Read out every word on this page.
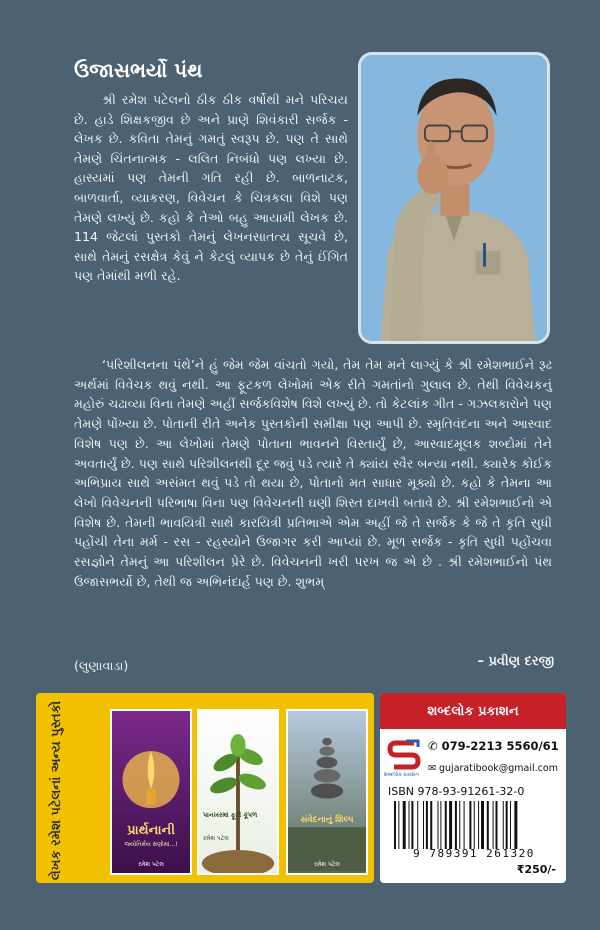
ઉજાસભર્યો પંથ

શ્રી રમેશ પટેલનો ઠીક ઠીક વર્ષોથી મને પરિચય છે. હાડે શિક્ષકજીવ છે અને પ્રાણે શિવંકારી સર્જક - લેખક છે. કવિતા તેમનું ગમતું સ્વરૂપ છે. પણ તે સાથે તેમણે ચિંતનાત્મક - લલિત નિબંધો પણ લખ્યા છે. હાસ્યમાં પણ તેમની ગતિ રહી છે. બાળનાટક, બાળવાર્તા, વ્યાકરણ, વિવેચન કે ચિત્રકલા વિશે પણ તેમણે લખ્યું છે. કહો કે તેઓ બહુ આયામી લેખક છે. 114 જેટલાં પુસ્તકો તેમનું લેખનસાતત્ય સૂચવે છે, સાથે તેમનું રસક્ષેત્ર કેવું ને કેટલું વ્યાપક છે તેનું ઈંગિત પણ તેમાંથી મળી રહે.

‘પરિશીલનના પંથે’ને હું જેમ જેમ વાંચતો ગયો, તેમ તેમ મને લાગ્યું કે શ્રી રમેશભાઈને રૂઢ અર્થમાં વિવેચક થવું નથી. આ ફૂટકળ લેખોમાં એક રીતે ગમતાંનો ગુલાલ છે. તેથી વિવેચકનું મહોરું ચઢાવ્યા વિના તેમણે અહીં સર્જકવિશેષ વિશે લખ્યું છે. તો કેટલાંક ગીત - ગઝલકારોને પણ તેમણે પોંખ્યા છે. પોતાની રીતે અનેક પુસ્તકોની સમીક્ષા પણ આપી છે. સ્મૃતિવંદના અને આસ્વાદ વિશેષ પણ છે. આ લેખોમાં તેમણે પોતાના ભાવનને વિસ્તાર્યું છે, આસ્વાદમૂલક શબ્દોમાં તેને અવતાર્યું છે. પણ સાથે પરિશીલનથી દૂર જવું પડે ત્યારે તે ક્યાંય સ્વૈર બન્યા નથી. ક્યારેક કોઈક અભિપ્રાય સાથે અસંમત થવું પડે તો થયા છે, પોતાનો મત સાધાર મૂક્યો છે. કહો કે તેમના આ લેખો વિવેચનની પરિભાષા વિના પણ વિવેચનની ઘણી શિસ્ત દાખવી બતાવે છે. શ્રી રમેશભાઈનો એ વિશેષ છે. તેમની ભાવયિત્રી સાથે કારયિત્રી પ્રતિભાએ એમ અહીં જે તે સર્જક કે જે તે કૃતિ સુધી પહોંચી તેના મર્મ - રસ - રહસ્યોને ઉજાગર કરી આપ્યાં છે. મૂળ સર્જક - કૃતિ સુધી પહોંચવા રસજ્ઞોને તેમનું આ પરિશીલન પ્રેરે છે. વિવેચનની ખરી પરખ જ એ છે . શ્રી રમેશભાઈનો પંથ ઉજાસભર્યો છે, તેથી જ અભિનંદાર્હ પણ છે. શુભમ્

(લુણાવાડા)	– પ્રવીણ દરજી
લેખક રમેશ પટેલનાં અન્ય પુસ્તકો	પ્રાર્થનાની
જ્યોતિર્મય ક્ષણોમાં...!
રમેશ પટેલ
પાનખરમાં ફૂટી કૂંપળ
રમેશ પટેલ
સંવેદનાનું શિલ્પ
રમેશ પટેલ
શબ્દલોક પ્રકાશન
શબ્દલોક પ્રકાશન
✆ 079-2213 5560/61
✉ gujaratibook@gmail.com
ISBN 978-93-91261-32-0
9 789391 261320
₹250/-
